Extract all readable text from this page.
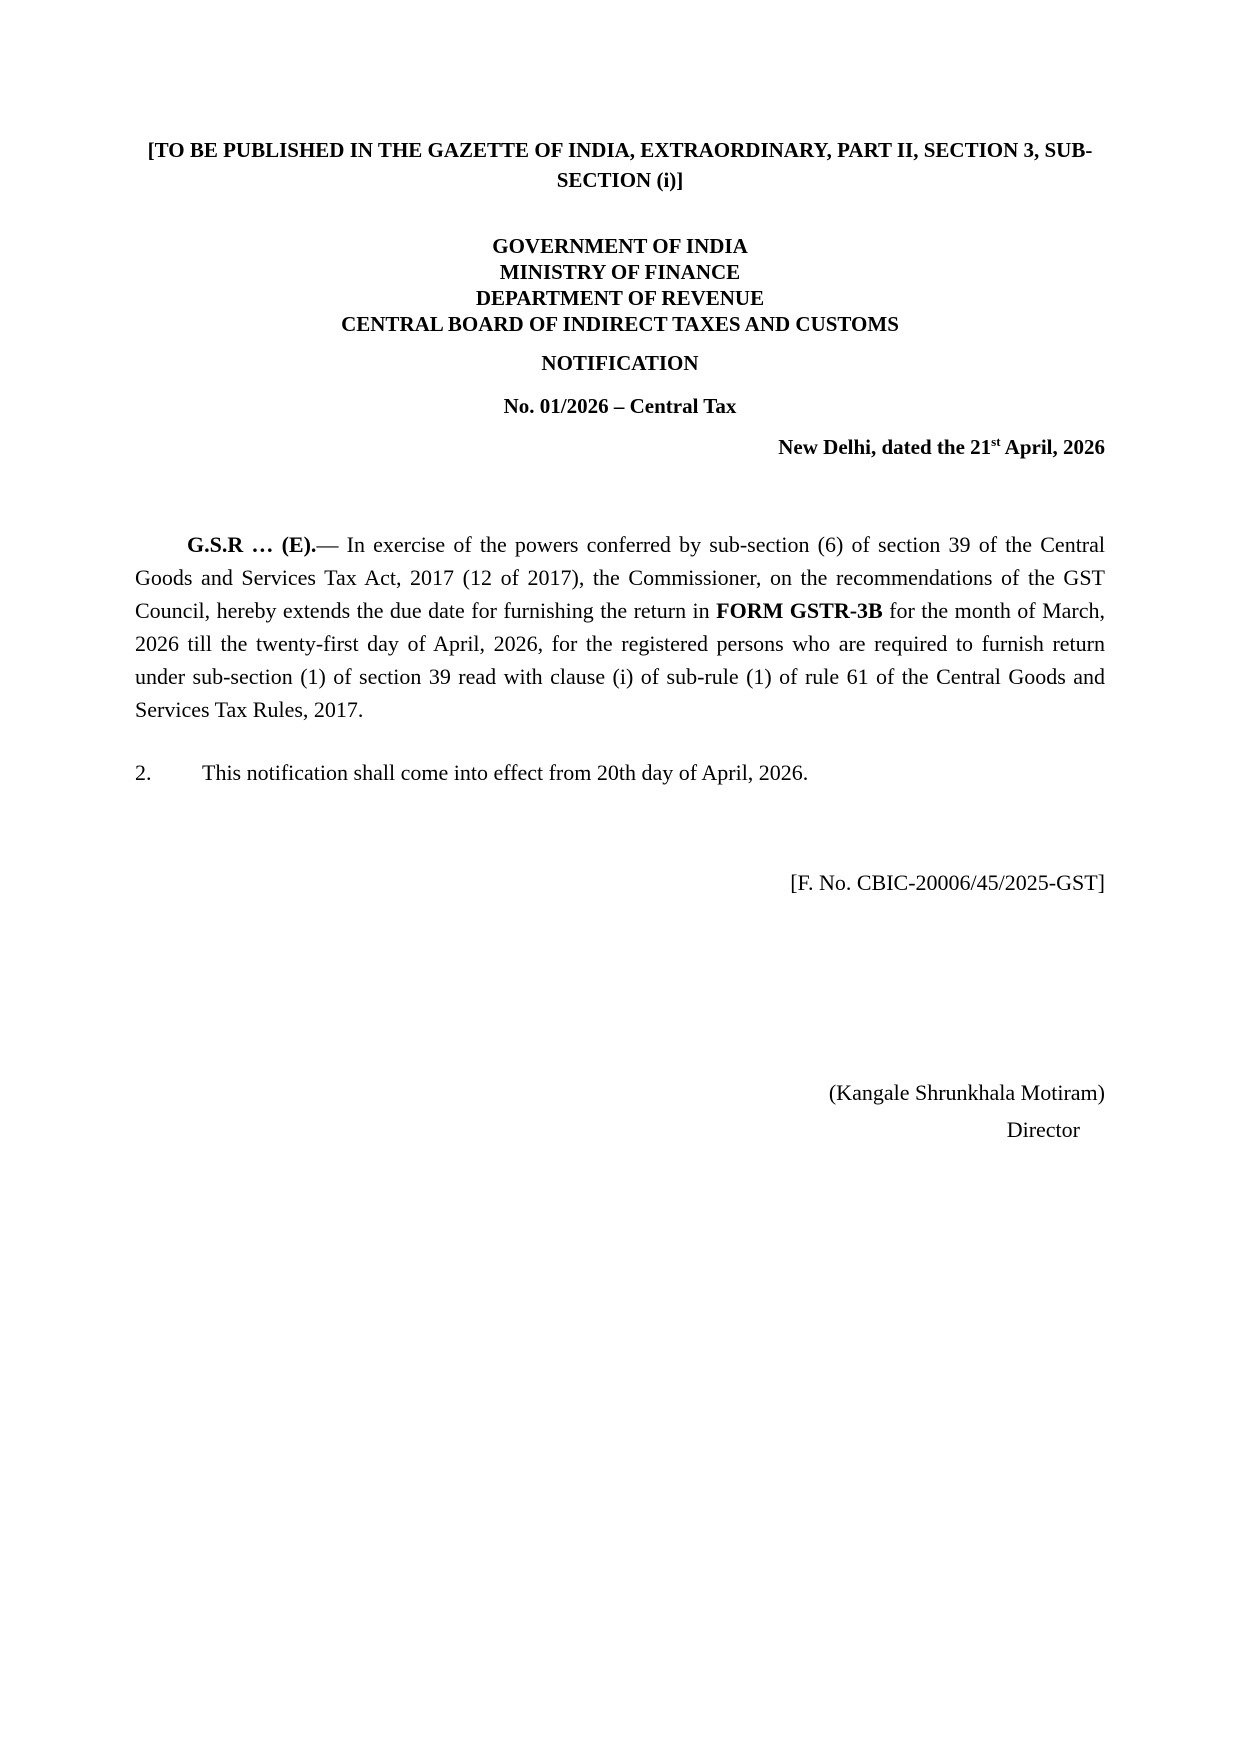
[TO BE PUBLISHED IN THE GAZETTE OF INDIA, EXTRAORDINARY, PART II, SECTION 3, SUB-SECTION (i)]
GOVERNMENT OF INDIA
MINISTRY OF FINANCE
DEPARTMENT OF REVENUE
CENTRAL BOARD OF INDIRECT TAXES AND CUSTOMS
NOTIFICATION
No. 01/2026 – Central Tax
New Delhi, dated the 21st April, 2026

G.S.R … (E).— In exercise of the powers conferred by sub-section (6) of section 39 of the Central Goods and Services Tax Act, 2017 (12 of 2017), the Commissioner, on the recommendations of the GST Council, hereby extends the due date for furnishing the return in FORM GSTR-3B for the month of March, 2026 till the twenty-first day of April, 2026, for the registered persons who are required to furnish return under sub-section (1) of section 39 read with clause (i) of sub-rule (1) of rule 61 of the Central Goods and Services Tax Rules, 2017.

2. This notification shall come into effect from 20th day of April, 2026.

[F. No. CBIC-20006/45/2025-GST]
(Kangale Shrunkhala Motiram)
Director
